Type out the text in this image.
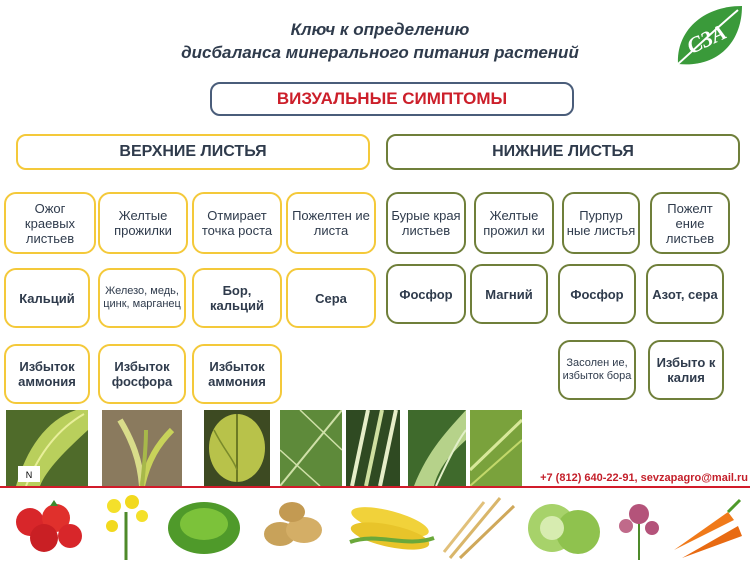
Ключ к определению
дисбаланса минерального питания растений	СЗА
ВИЗУАЛЬНЫЕ СИМПТОМЫ
ВЕРХНИЕ ЛИСТЬЯ	НИЖНИЕ ЛИСТЬЯ
Ожог краевых листьев
Желтые прожилки
Отмирает точка роста
Пожелтен ие листа
Кальций	Железо, медь, цинк, марганец
Бор, кальций	Сера
Избыток аммония
Избыток фосфора
Избыток аммония
Бурые края листьев
Желтые прожил ки
Пурпур ные листья
Пожелт ение листьев
Фосфор	Магний	Фосфор	Азот, сера
Засолен ие, избыток бора
Избыто к калия
N	+7 (812) 640-22-91, sevzapagro@mail.ru
